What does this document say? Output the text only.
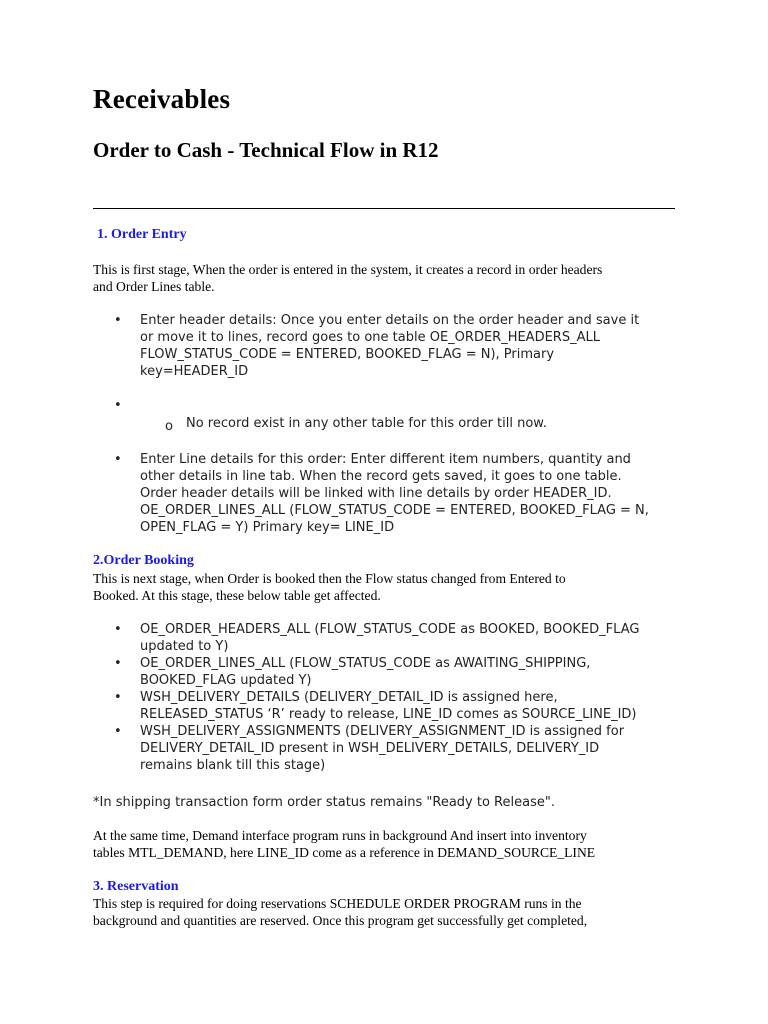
Receivables
Order to Cash - Technical Flow in R12

1. Order Entry

This is first stage, When the order is entered in the system, it creates a record in order headers
and Order Lines table.

• Enter header details: Once you enter details on the order header and save it
or move it to lines, record goes to one table OE_ORDER_HEADERS_ALL
FLOW_STATUS_CODE = ENTERED, BOOKED_FLAG = N), Primary
key=HEADER_ID
•

o No record exist in any other table for this order till now.

• Enter Line details for this order: Enter different item numbers, quantity and
other details in line tab. When the record gets saved, it goes to one table.
Order header details will be linked with line details by order HEADER_ID.
OE_ORDER_LINES_ALL (FLOW_STATUS_CODE = ENTERED, BOOKED_FLAG = N,
OPEN_FLAG = Y) Primary key= LINE_ID

2.Order Booking

This is next stage, when Order is booked then the Flow status changed from Entered to
Booked. At this stage, these below table get affected.

• OE_ORDER_HEADERS_ALL (FLOW_STATUS_CODE as BOOKED, BOOKED_FLAG
updated to Y)
• OE_ORDER_LINES_ALL (FLOW_STATUS_CODE as AWAITING_SHIPPING,
BOOKED_FLAG updated Y)
• WSH_DELIVERY_DETAILS (DELIVERY_DETAIL_ID is assigned here,
RELEASED_STATUS ‘R’ ready to release, LINE_ID comes as SOURCE_LINE_ID)
• WSH_DELIVERY_ASSIGNMENTS (DELIVERY_ASSIGNMENT_ID is assigned for
DELIVERY_DETAIL_ID present in WSH_DELIVERY_DETAILS, DELIVERY_ID
remains blank till this stage)

*In shipping transaction form order status remains "Ready to Release".

At the same time, Demand interface program runs in background And insert into inventory
tables MTL_DEMAND, here LINE_ID come as a reference in DEMAND_SOURCE_LINE

3. Reservation

This step is required for doing reservations SCHEDULE ORDER PROGRAM runs in the
background and quantities are reserved. Once this program get successfully get completed,
